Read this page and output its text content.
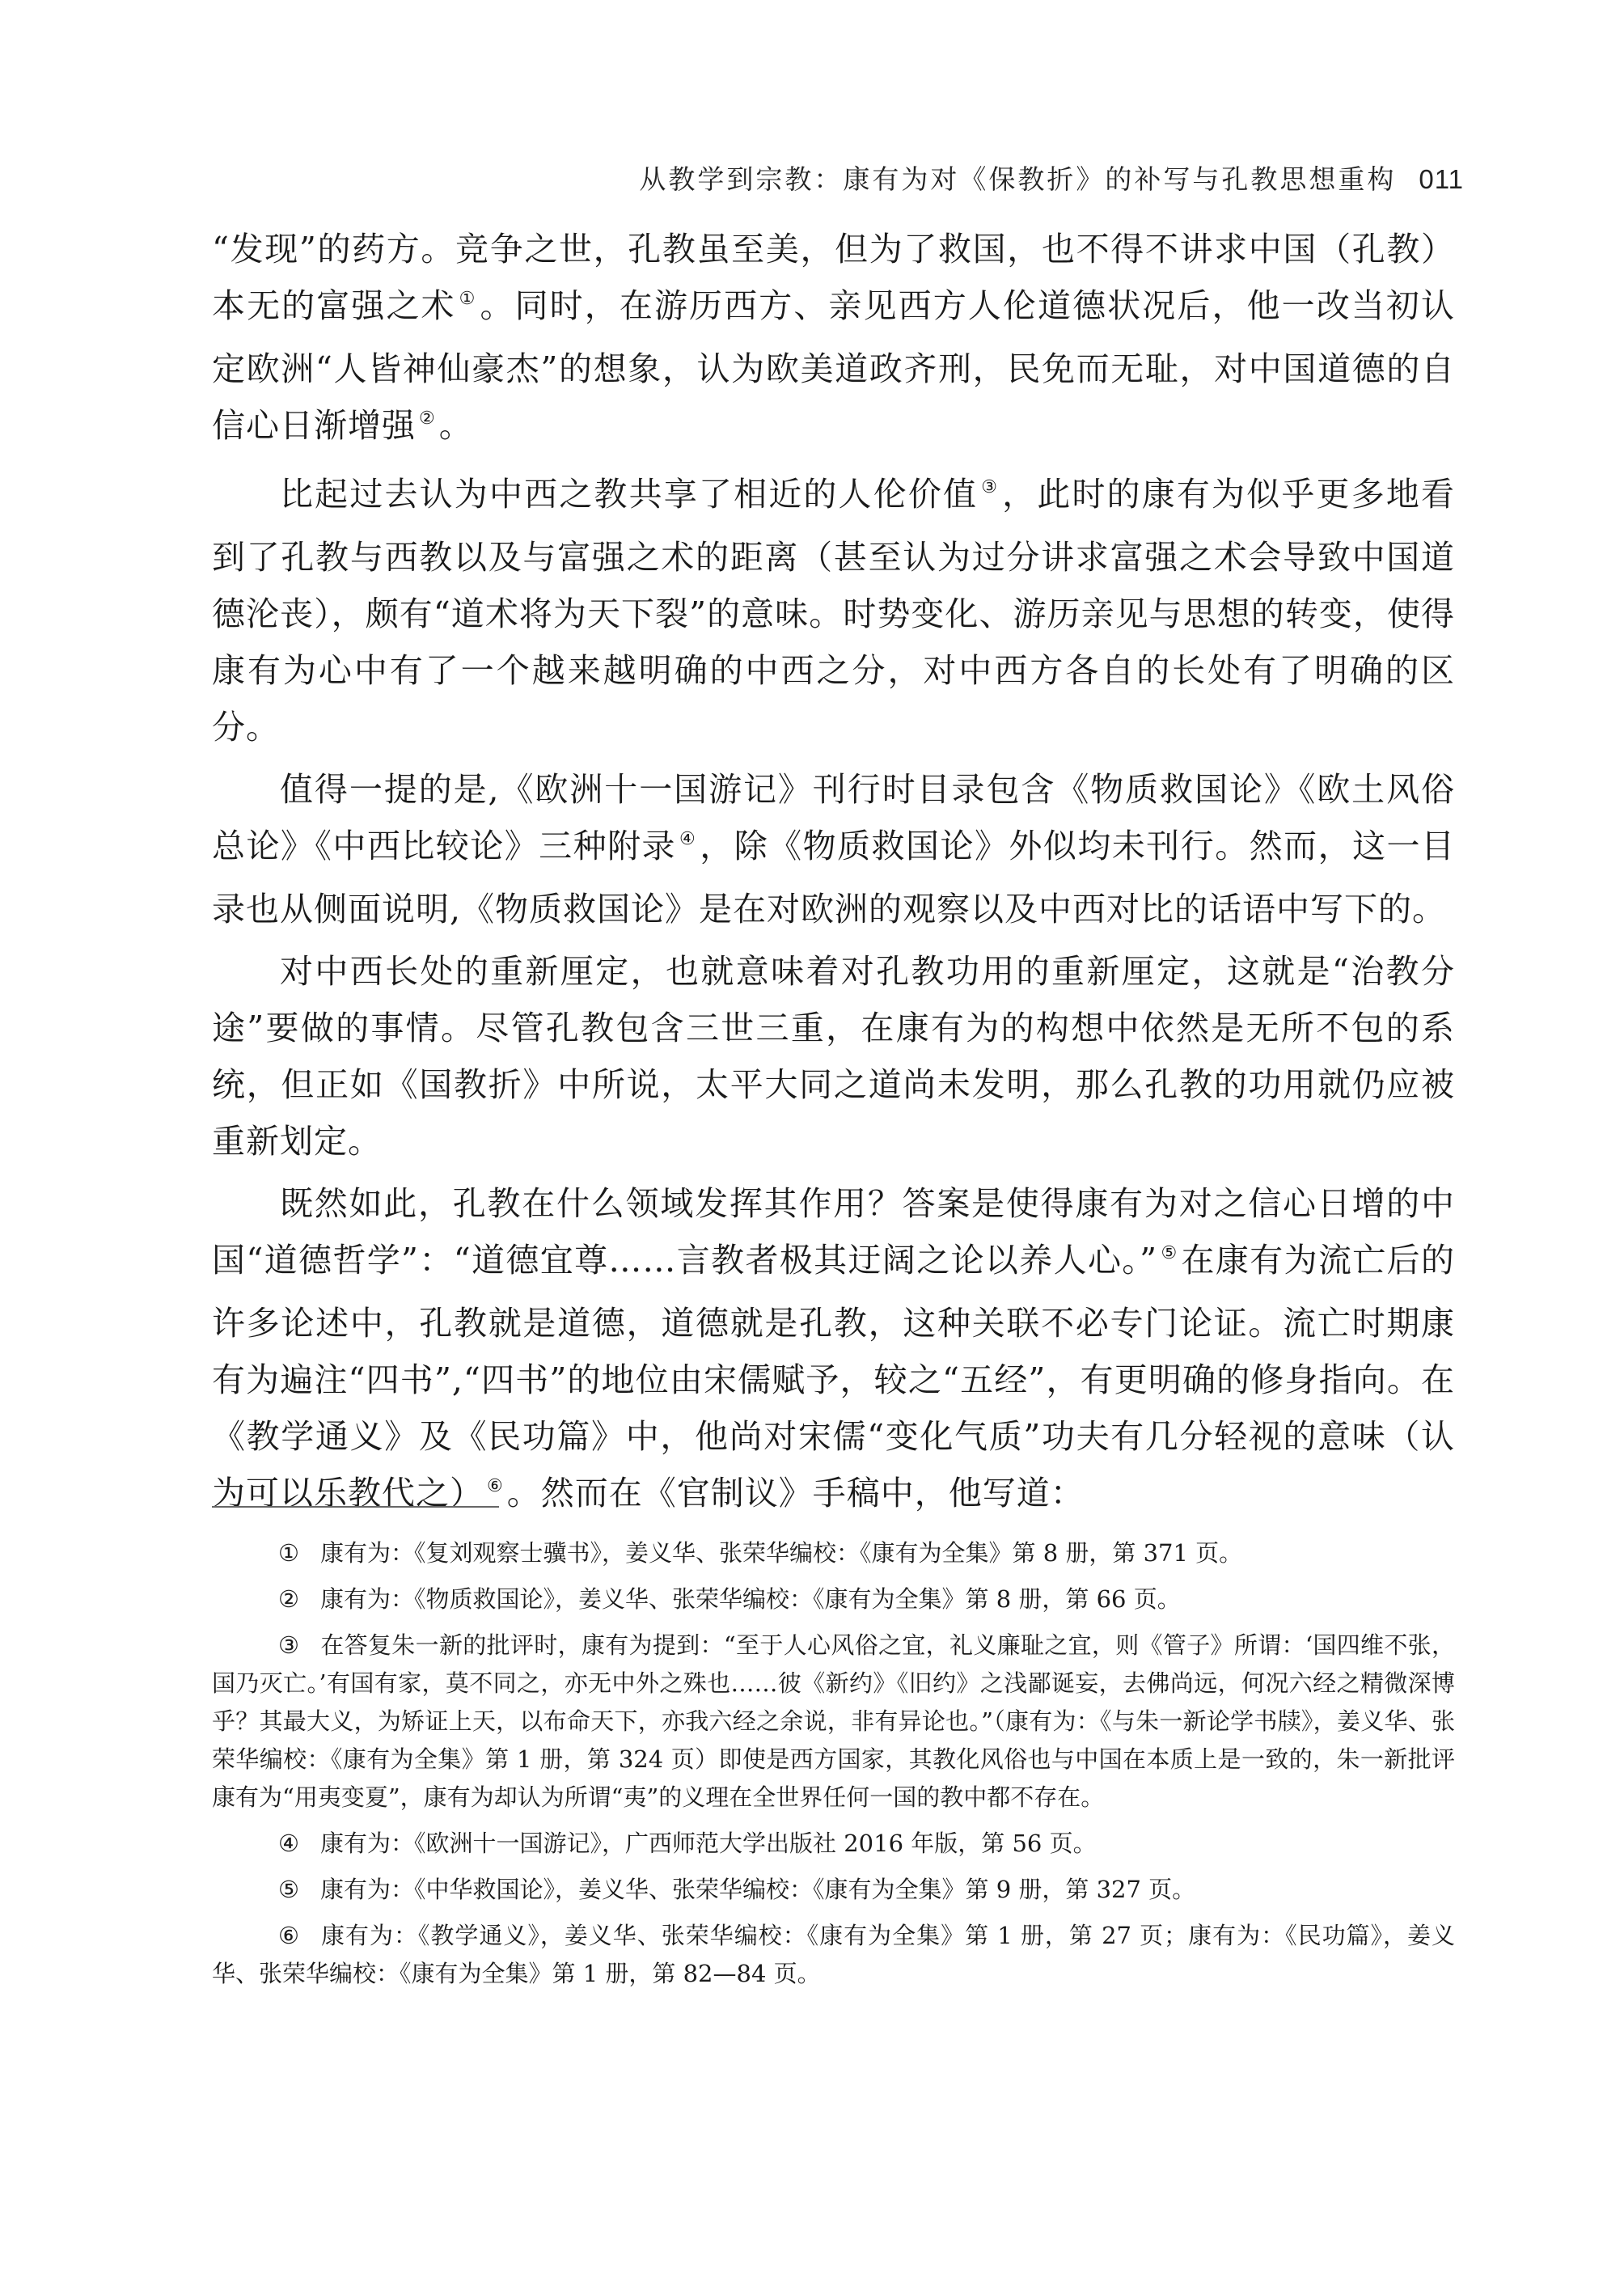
从教学到宗教：康有为对《保教折》的补写与孔教思想重构 011

“发现”的药方。竞争之世，孔教虽至美，但为了救国，也不得不讲求中国（孔教）本无的富强之术 ①。同时，在游历西方、亲见西方人伦道德状况后，他一改当初认定欧洲“人皆神仙豪杰”的想象，认为欧美道政齐刑，民免而无耻，对中国道德的自信心日渐增强 ②。

比起过去认为中西之教共享了相近的人伦价值 ③，此时的康有为似乎更多地看到了孔教与西教以及与富强之术的距离（甚至认为过分讲求富强之术会导致中国道德沦丧），颇有“道术将为天下裂”的意味。时势变化、游历亲见与思想的转变，使得康有为心中有了一个越来越明确的中西之分，对中西方各自的长处有了明确的区分。

值得一提的是,《欧洲十一国游记》刊行时目录包含《物质救国论》《欧土风俗总论》《中西比较论》三种附录 ④，除《物质救国论》外似均未刊行。然而，这一目录也从侧面说明,《物质救国论》是在对欧洲的观察以及中西对比的话语中写下的。

对中西长处的重新厘定，也就意味着对孔教功用的重新厘定，这就是“治教分途”要做的事情。尽管孔教包含三世三重，在康有为的构想中依然是无所不包的系统，但正如《国教折》中所说，太平大同之道尚未发明，那么孔教的功用就仍应被重新划定。

既然如此，孔教在什么领域发挥其作用？答案是使得康有为对之信心日增的中国“道德哲学”：“道德宜尊……言教者极其迂阔之论以养人心。” ⑤在康有为流亡后的许多论述中，孔教就是道德，道德就是孔教，这种关联不必专门论证。流亡时期康有为遍注“四书”,“四书”的地位由宋儒赋予，较之“五经”，有更明确的修身指向。在《教学通义》及《民功篇》中，他尚对宋儒“变化气质”功夫有几分轻视的意味（认为可以乐教代之） ⑥。然而在《官制议》手稿中，他写道：

① 康有为：《复刘观察士骥书》，姜义华、张荣华编校：《康有为全集》第 8 册，第 371 页。

② 康有为：《物质救国论》，姜义华、张荣华编校：《康有为全集》第 8 册，第 66 页。

③ 在答复朱一新的批评时，康有为提到：“至于人心风俗之宜，礼义廉耻之宜，则《管子》所谓：‘国四维不张，国乃灭亡。’有国有家，莫不同之，亦无中外之殊也……彼《新约》《旧约》之浅鄙诞妄，去佛尚远，何况六经之精微深博乎？其最大义，为矫证上天，以布命天下，亦我六经之余说，非有异论也。”（康有为：《与朱一新论学书牍》，姜义华、张荣华编校：《康有为全集》第 1 册，第 324 页）即使是西方国家，其教化风俗也与中国在本质上是一致的，朱一新批评康有为“用夷变夏”，康有为却认为所谓“夷”的义理在全世界任何一国的教中都不存在。

④ 康有为：《欧洲十一国游记》，广西师范大学出版社 2016 年版，第 56 页。

⑤ 康有为：《中华救国论》，姜义华、张荣华编校：《康有为全集》第 9 册，第 327 页。

⑥ 康有为：《教学通义》，姜义华、张荣华编校：《康有为全集》第 1 册，第 27 页；康有为：《民功篇》，姜义华、张荣华编校：《康有为全集》第 1 册，第 82—84 页。
